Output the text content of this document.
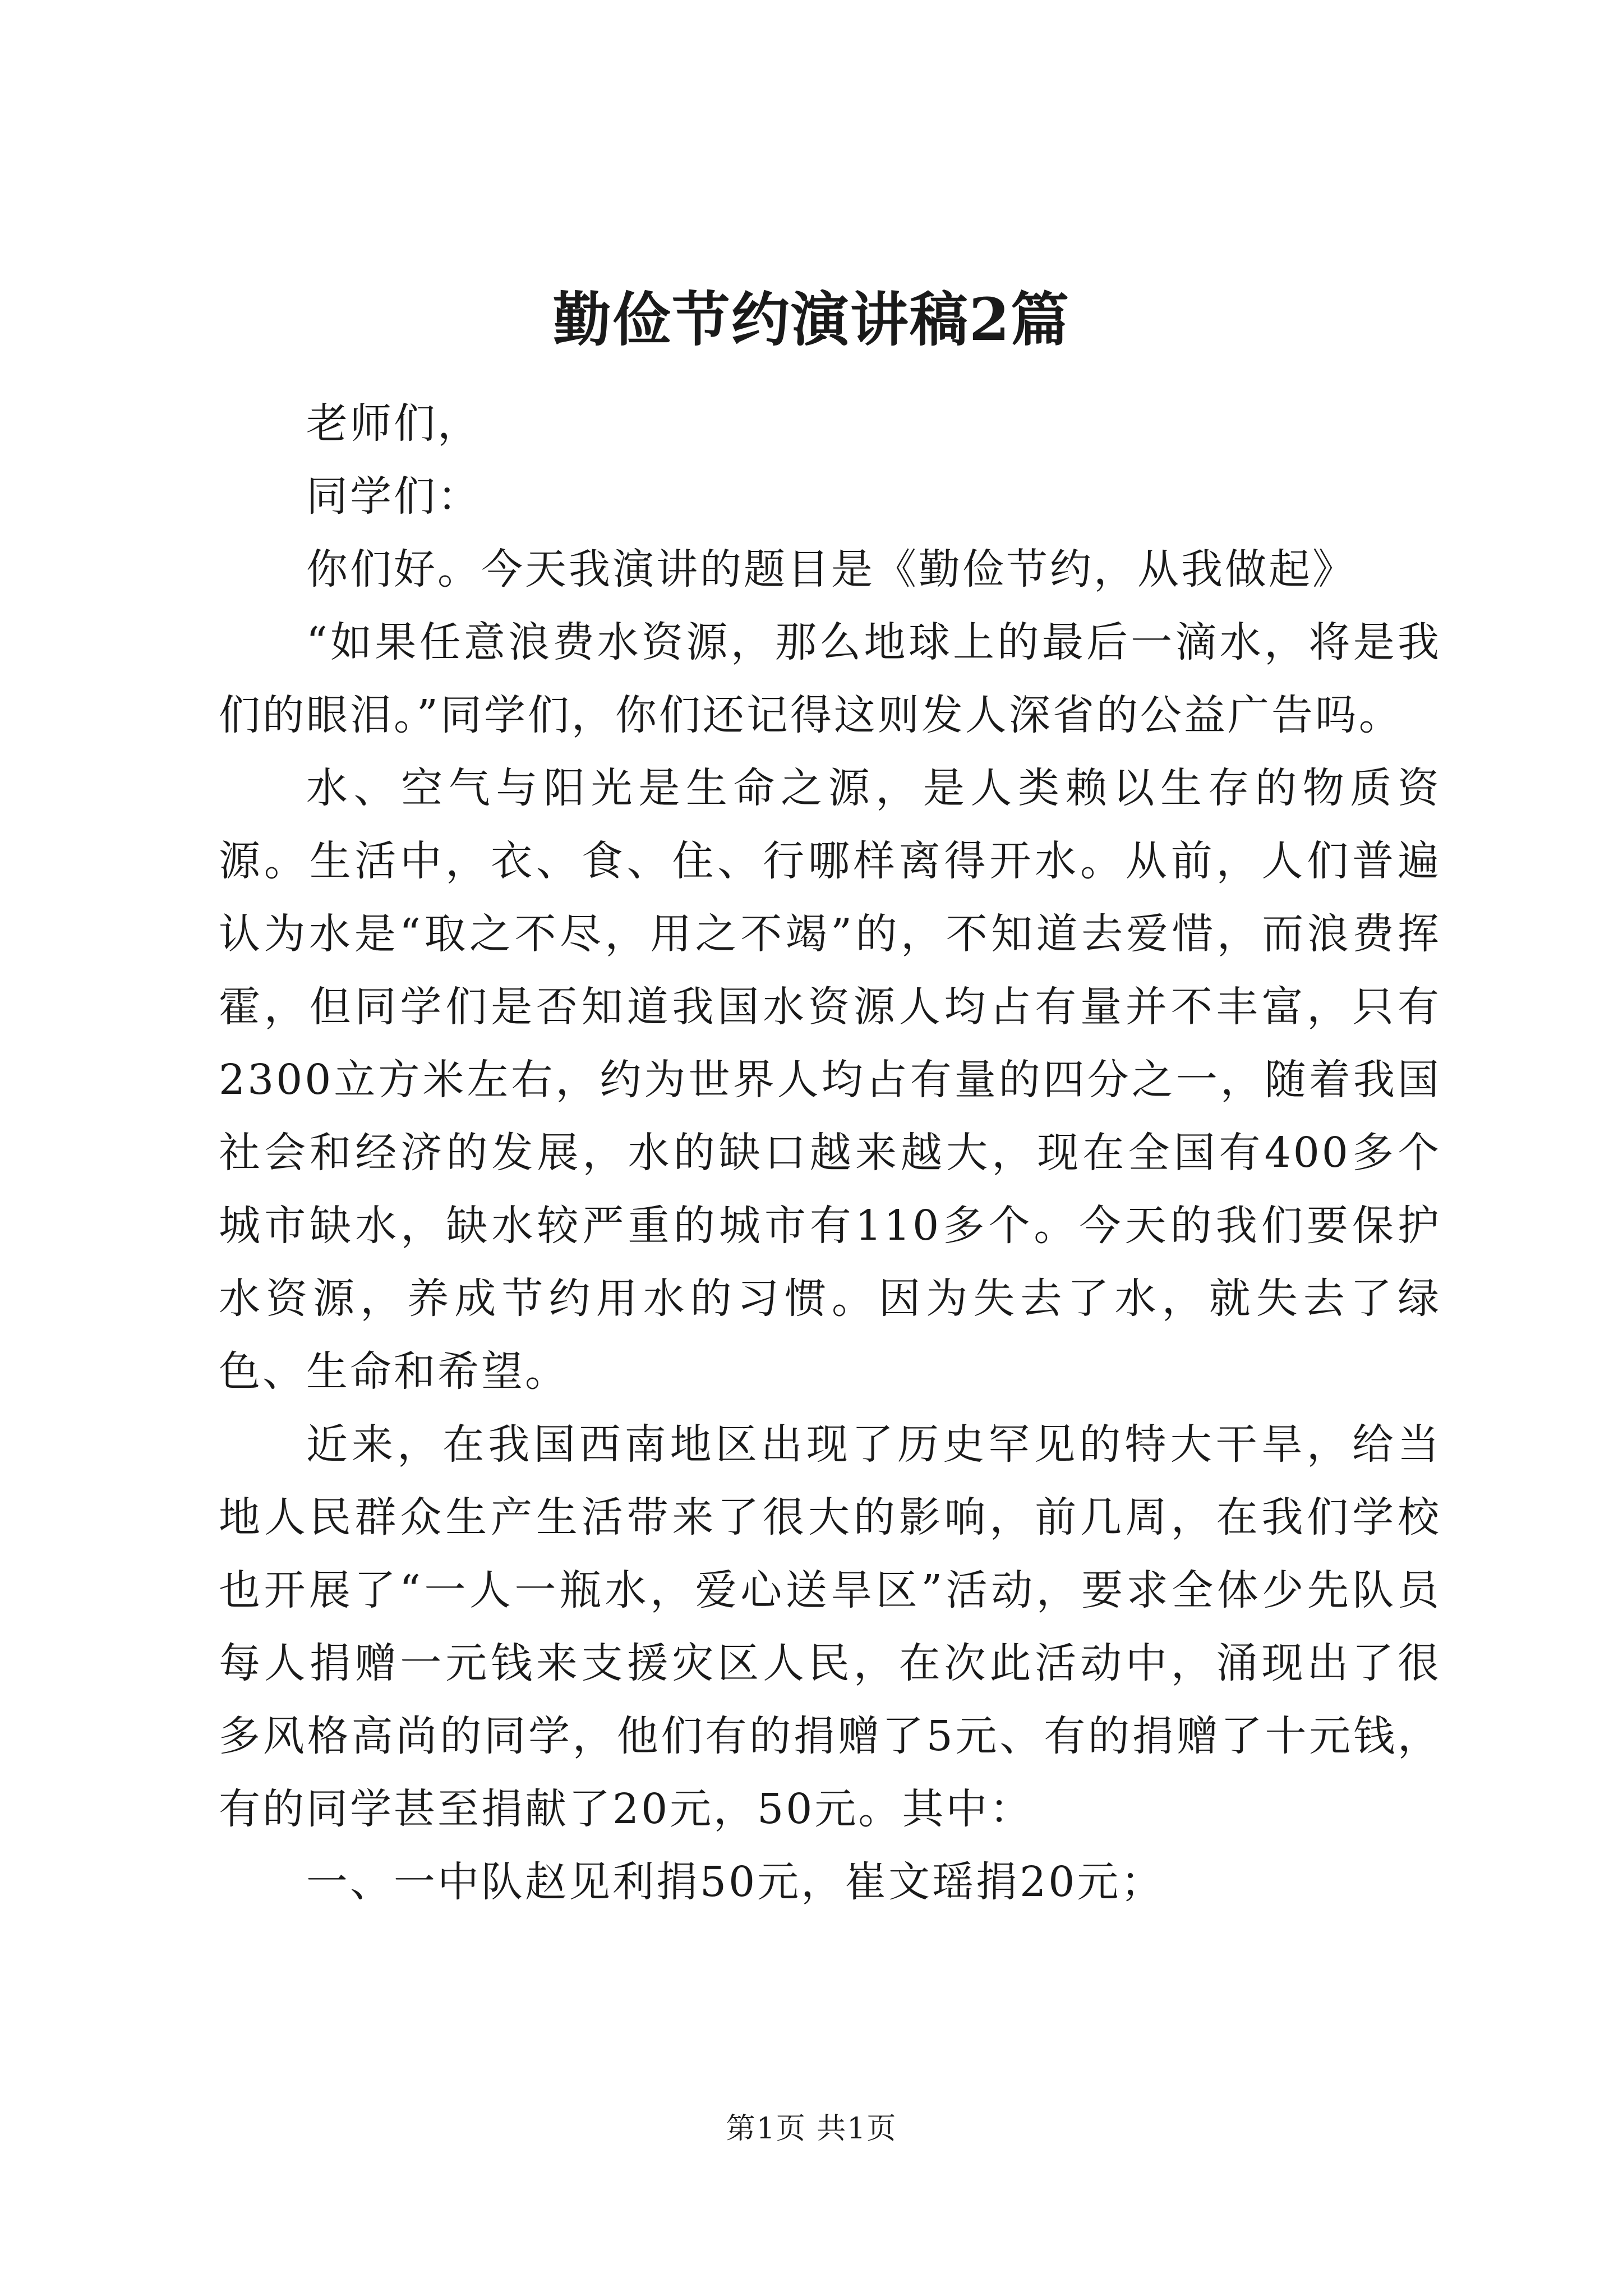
勤俭节约演讲稿2篇

老师们，

同学们：

你们好。今天我演讲的题目是《勤俭节约，从我做起》

“如果任意浪费水资源，那么地球上的最后一滴水，将是我们的眼泪。”同学们，你们还记得这则发人深省的公益广告吗。

水、空气与阳光是生命之源，是人类赖以生存的物质资源。生活中，衣、食、住、行哪样离得开水。从前，人们普遍认为水是“取之不尽，用之不竭”的，不知道去爱惜，而浪费挥霍，但同学们是否知道我国水资源人均占有量并不丰富，只有2300立方米左右，约为世界人均占有量的四分之一，随着我国社会和经济的发展，水的缺口越来越大，现在全国有400多个城市缺水，缺水较严重的城市有110多个。今天的我们要保护水资源，养成节约用水的习惯。因为失去了水，就失去了绿色、生命和希望。

近来，在我国西南地区出现了历史罕见的特大干旱，给当地人民群众生产生活带来了很大的影响，前几周，在我们学校也开展了“一人一瓶水，爱心送旱区”活动，要求全体少先队员每人捐赠一元钱来支援灾区人民，在次此活动中，涌现出了很多风格高尚的同学，他们有的捐赠了5元、有的捐赠了十元钱，有的同学甚至捐献了20元，50元。其中：

一、一中队赵见利捐50元，崔文瑶捐20元；

第1页 共1页
